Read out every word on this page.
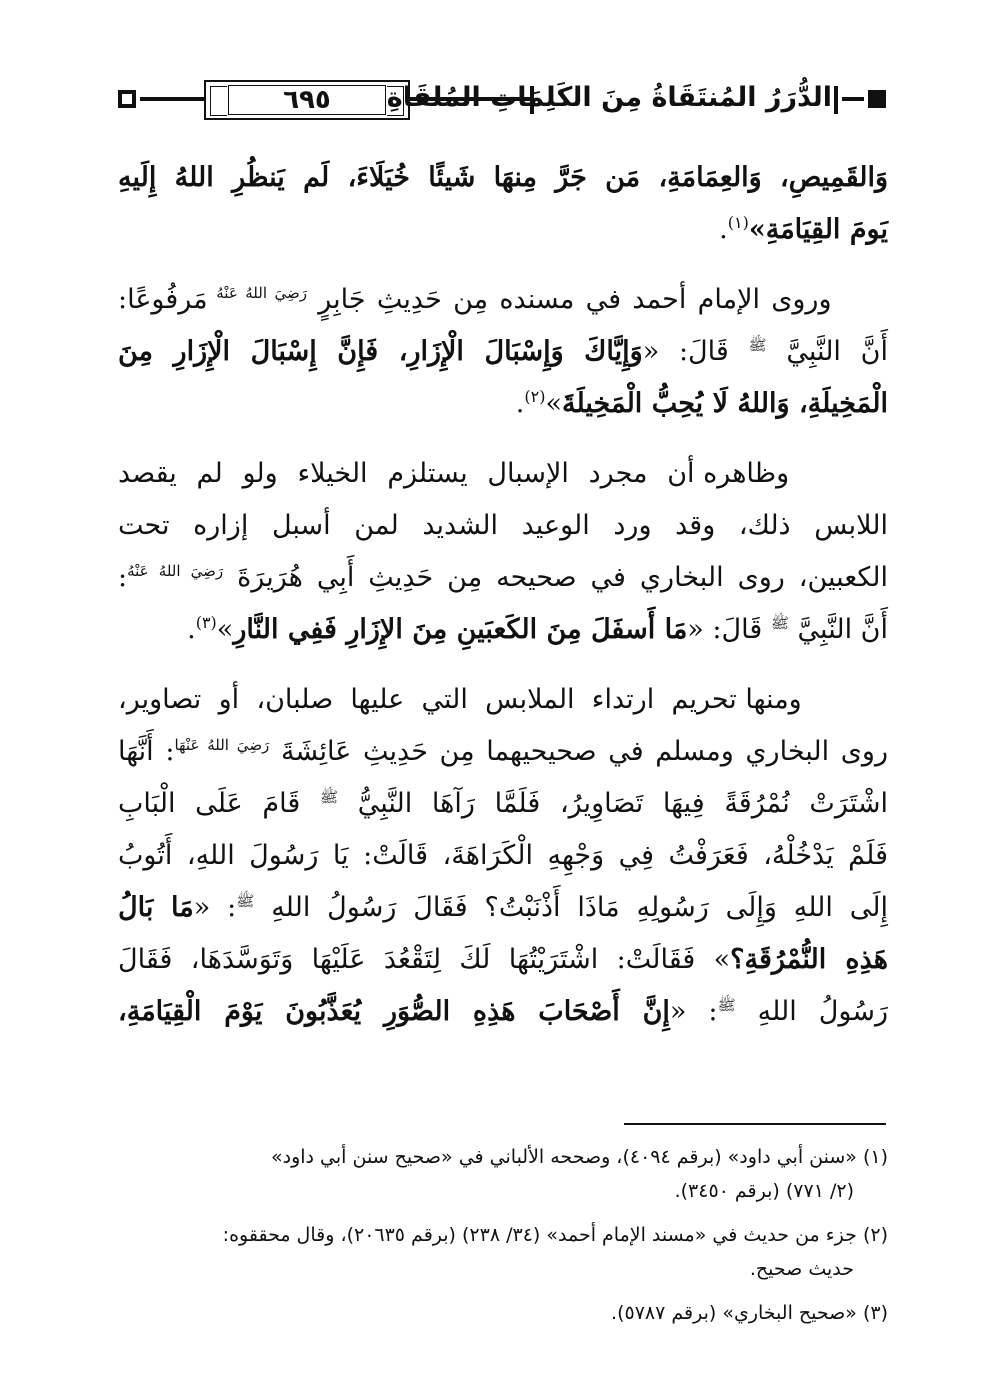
٦٩٥	الدُّرَرُ المُنتَقَاةُ مِنَ الكَلِمَاتِ المُلقَاةِ
وَالقَمِيصِ، وَالعِمَامَةِ، مَن جَرَّ مِنهَا شَيئًا خُيَلَاءَ، لَم يَنظُرِ اللهُ إِلَيهِ
يَومَ القِيَامَةِ»$^{(١)}$.
وروى الإمام أحمد في مسنده مِن حَدِيثِ جَابِرٍ $^{رَضِيَ اللهُ عَنْهُ}$ مَرفُوعًا:
أَنَّ النَّبِيَّ $^ﷺ$ قَالَ: «وَإِيَّاكَ وَإِسْبَالَ الْإِزَارِ، فَإِنَّ إِسْبَالَ الْإِزَارِ مِنَ
الْمَخِيلَةِ، وَاللهُ لَا يُحِبُّ الْمَخِيلَةَ»$^{(٢)}$.
وظاهره أن مجرد الإسبال يستلزم الخيلاء ولو لم يقصد
اللابس ذلك، وقد ورد الوعيد الشديد لمن أسبل إزاره تحت
الكعبين، روى البخاري في صحيحه مِن حَدِيثِ أَبِي هُرَيرَةَ $^{رَضِيَ اللهُ عَنْهُ}$:
أَنَّ النَّبِيَّ $^ﷺ$ قَالَ: «مَا أَسفَلَ مِنَ الكَعبَينِ مِنَ الإِزَارِ فَفِي النَّارِ»$^{(٣)}$.
ومنها تحريم ارتداء الملابس التي عليها صلبان، أو تصاوير،
روى البخاري ومسلم في صحيحيهما مِن حَدِيثِ عَائِشَةَ $^{رَضِيَ اللهُ عَنْهَا}$: أَنَّهَا
اشْتَرَتْ نُمْرُقَةً فِيهَا تَصَاوِيرُ، فَلَمَّا رَآهَا النَّبِيُّ $^ﷺ$ قَامَ عَلَى الْبَابِ
فَلَمْ يَدْخُلْهُ، فَعَرَفْتُ فِي وَجْهِهِ الْكَرَاهَةَ، قَالَتْ: يَا رَسُولَ اللهِ، أَتُوبُ
إِلَى اللهِ وَإِلَى رَسُولِهِ مَاذَا أَذْنَبْتُ؟ فَقَالَ رَسُولُ اللهِ $^ﷺ$: «مَا بَالُ
هَذِهِ النُّمْرُقَةِ؟» فَقَالَتْ: اشْتَرَيْتُهَا لَكَ لِتَقْعُدَ عَلَيْهَا وَتَوَسَّدَهَا، فَقَالَ
رَسُولُ اللهِ $^ﷺ$: «إِنَّ أَصْحَابَ هَذِهِ الصُّوَرِ يُعَذَّبُونَ يَوْمَ الْقِيَامَةِ،
(١) «سنن أبي داود» (برقم ٤٠٩٤)، وصححه الألباني في «صحيح سنن أبي داود»
(٢/ ٧٧١) (برقم ٣٤٥٠).
(٢) جزء من حديث في «مسند الإمام أحمد» (٣٤/ ٢٣٨) (برقم ٢٠٦٣٥)، وقال محققوه:
حديث صحيح.
(٣) «صحيح البخاري» (برقم ٥٧٨٧).
